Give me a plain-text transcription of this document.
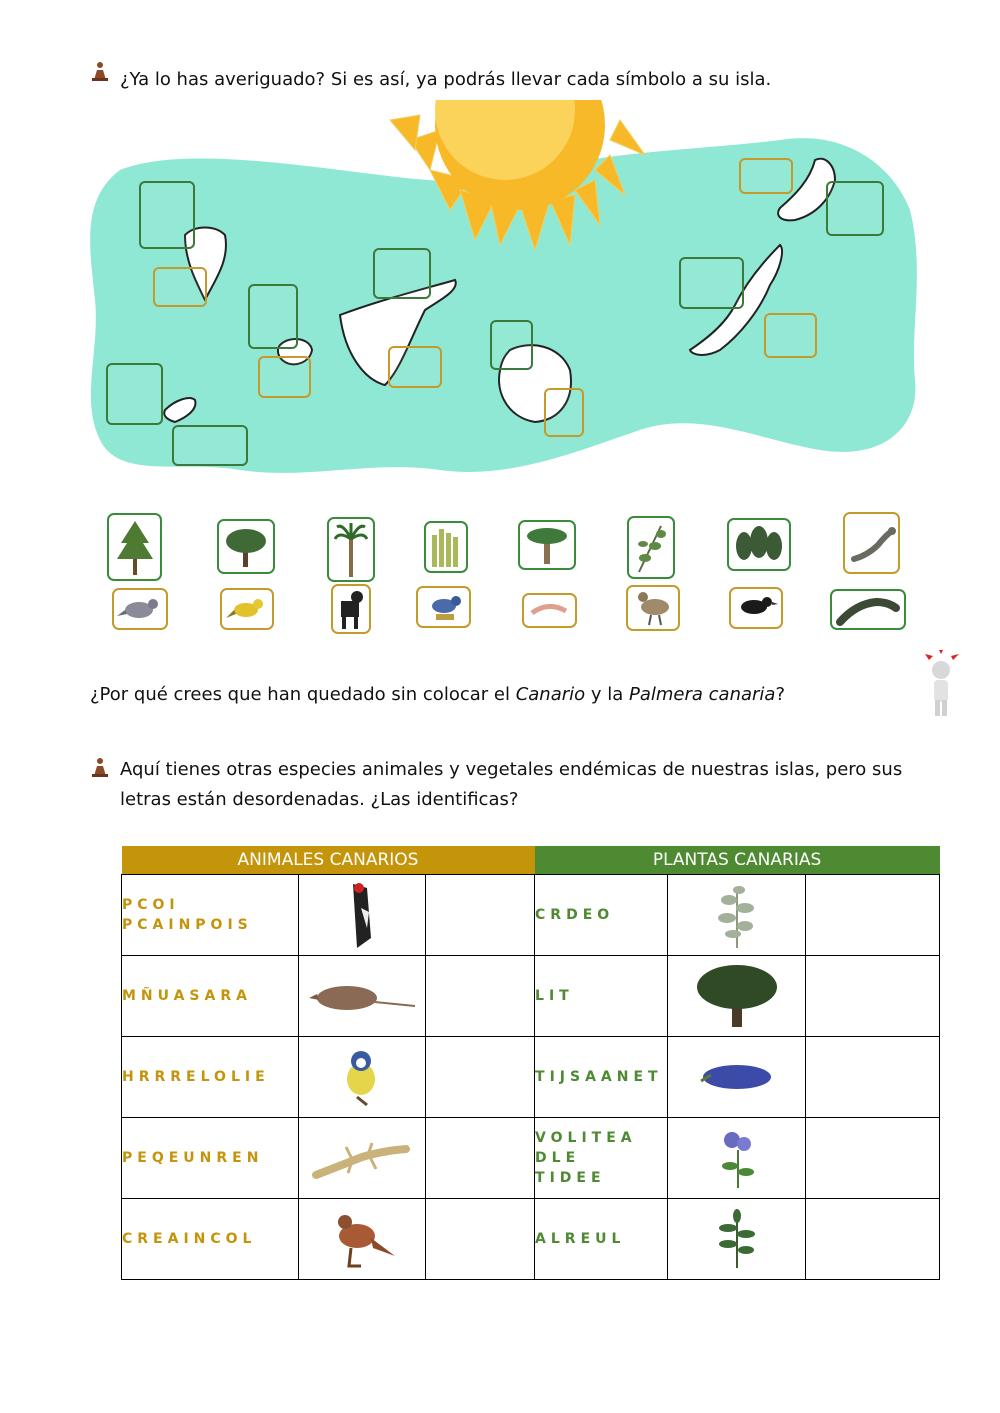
¿Ya lo has averiguado? Si es así, ya podrás llevar cada símbolo a su isla.
¿Por qué crees que han quedado sin colocar el Canario y la Palmera canaria?
Aquí tienes otras especies animales y vegetales endémicas de nuestras islas, pero sus letras están desordenadas. ¿Las identificas?
ANIMALES CANARIOS			PLANTAS CANARIAS		
PCOI
PCAINPOIS			CRDEO	

MÑUASARA			LIT	

HRRRELOLIE			TIJSAANET	

PEQEUNREN			VOLITEA
DLE
TIDEE	

CREAINCOL			ALREUL	
